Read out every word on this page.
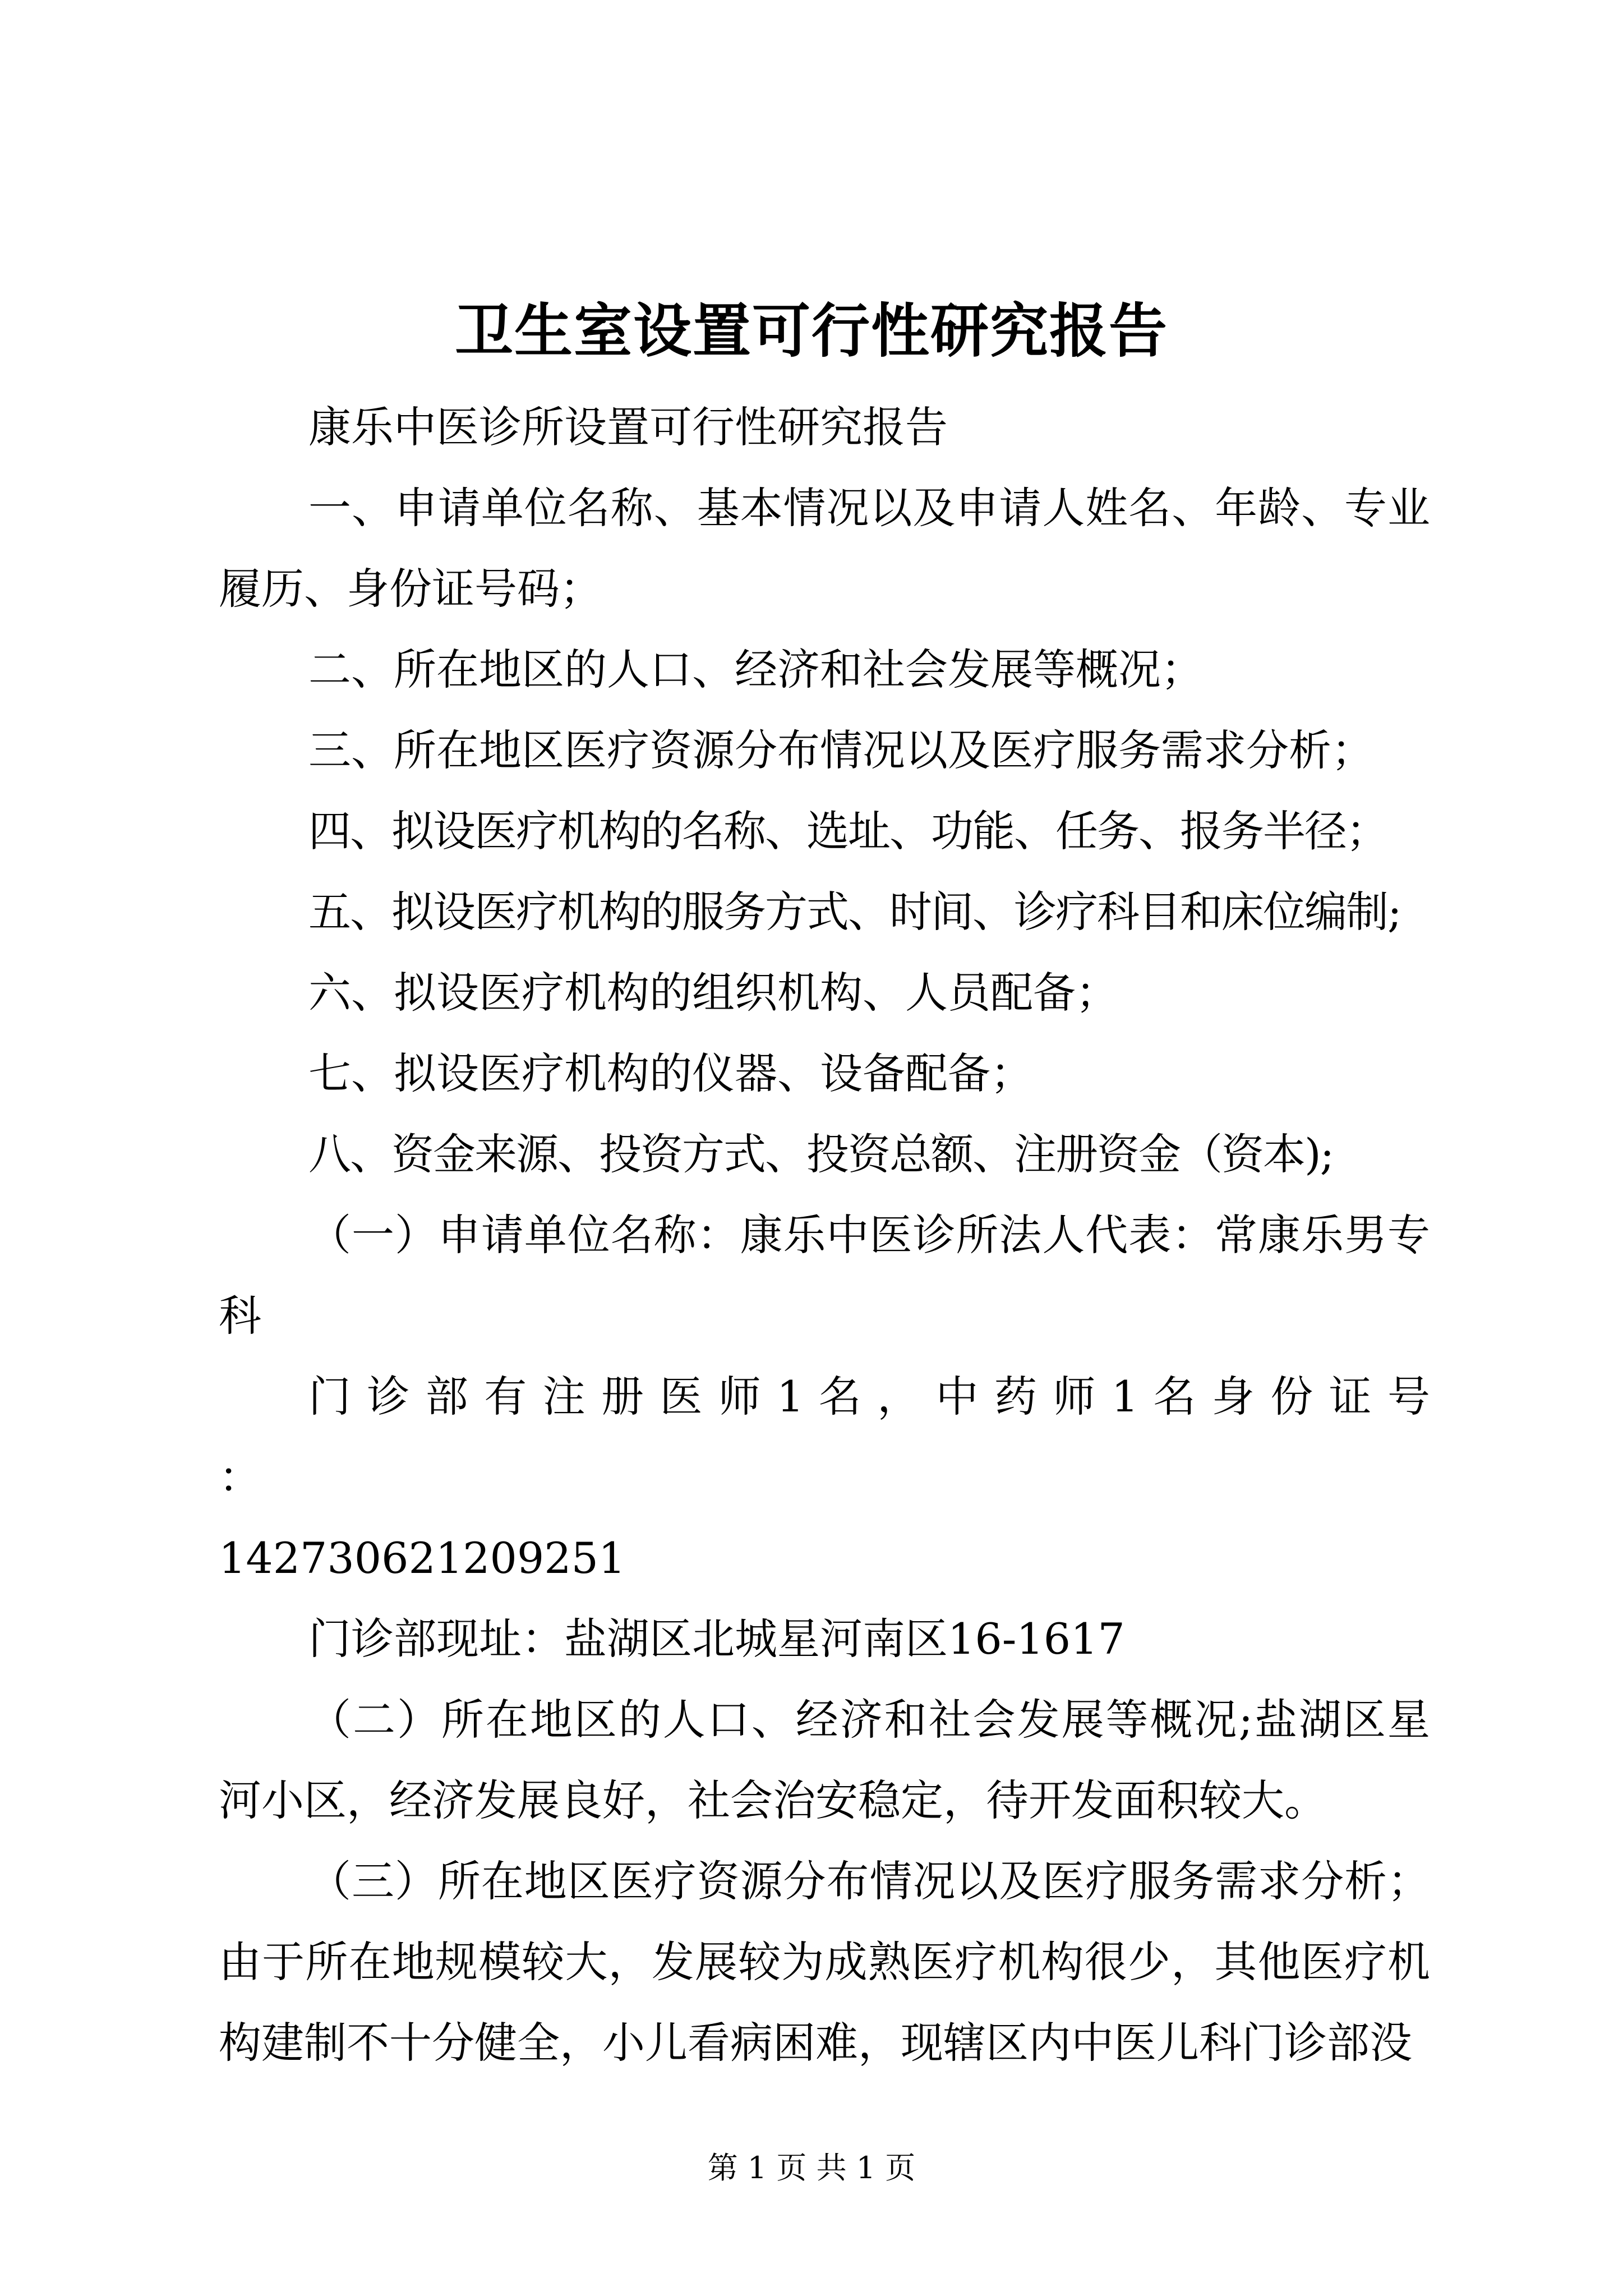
卫生室设置可行性研究报告

康乐中医诊所设置可行性研究报告

一、申请单位名称、基本情况以及申请人姓名、年龄、专业履历、身份证号码；

二、所在地区的人口、经济和社会发展等概况；

三、所在地区医疗资源分布情况以及医疗服务需求分析；

四、拟设医疗机构的名称、选址、功能、任务、报务半径；

五、拟设医疗机构的服务方式、时间、诊疗科目和床位编制;

六、拟设医疗机构的组织机构、人员配备；

七、拟设医疗机构的仪器、设备配备；

八、资金来源、投资方式、投资总额、注册资金（资本);

（一）申请单位名称：康乐中医诊所法人代表：常康乐男专科

门 诊 部 有 注 册 医 师 1 名 ， 中 药 师 1 名 身 份 证 号 ：
142730621209251

门诊部现址：盐湖区北城星河南区16-1617

（二）所在地区的人口、经济和社会发展等概况;盐湖区星河小区，经济发展良好，社会治安稳定，待开发面积较大。

（三）所在地区医疗资源分布情况以及医疗服务需求分析；由于所在地规模较大，发展较为成熟医疗机构很少，其他医疗机构建制不十分健全，小儿看病困难，现辖区内中医儿科门诊部没

第 1 页 共 1 页
